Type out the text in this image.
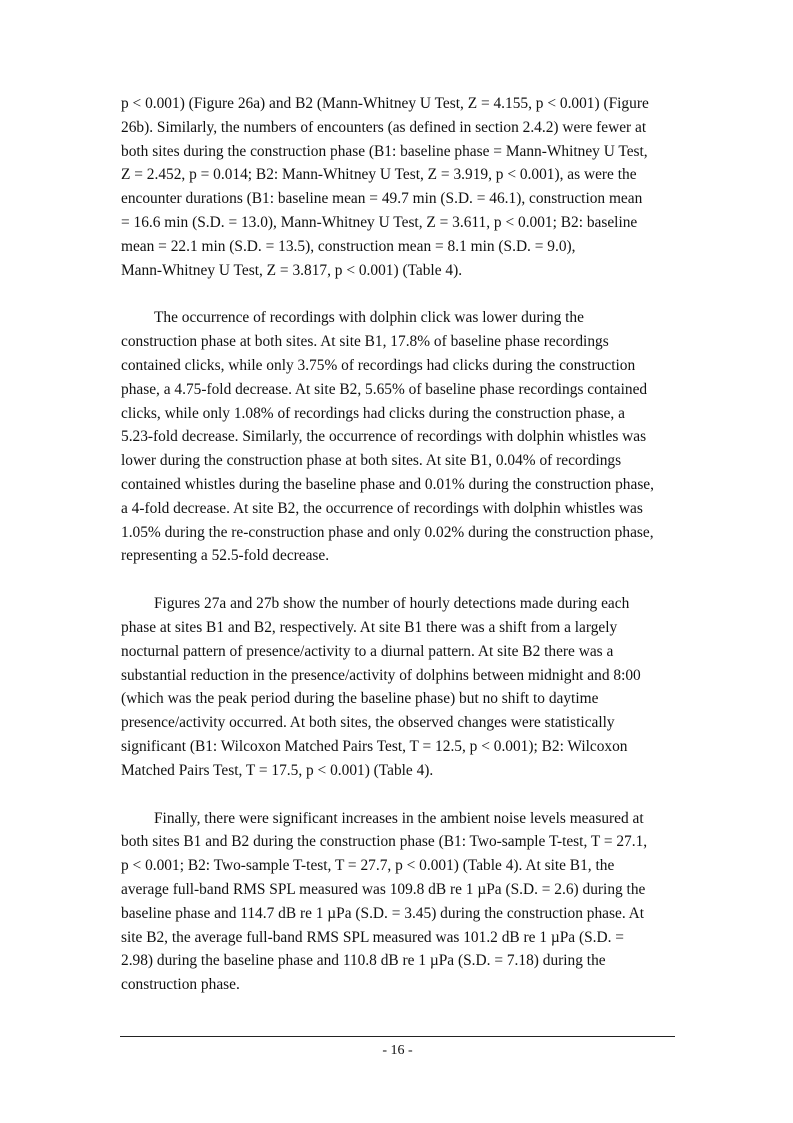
p < 0.001) (Figure 26a) and B2 (Mann-Whitney U Test, Z = 4.155, p < 0.001) (Figure
26b). Similarly, the numbers of encounters (as defined in section 2.4.2) were fewer at
both sites during the construction phase (B1: baseline phase = Mann-Whitney U Test,
Z = 2.452, p = 0.014; B2: Mann-Whitney U Test, Z = 3.919, p < 0.001), as were the
encounter durations (B1: baseline mean = 49.7 min (S.D. = 46.1), construction mean
= 16.6 min (S.D. = 13.0), Mann-Whitney U Test, Z = 3.611, p < 0.001; B2: baseline
mean = 22.1 min (S.D. = 13.5), construction mean = 8.1 min (S.D. = 9.0),
Mann-Whitney U Test, Z = 3.817, p < 0.001) (Table 4).

The occurrence of recordings with dolphin click was lower during the
construction phase at both sites. At site B1, 17.8% of baseline phase recordings
contained clicks, while only 3.75% of recordings had clicks during the construction
phase, a 4.75-fold decrease. At site B2, 5.65% of baseline phase recordings contained
clicks, while only 1.08% of recordings had clicks during the construction phase, a
5.23-fold decrease. Similarly, the occurrence of recordings with dolphin whistles was
lower during the construction phase at both sites. At site B1, 0.04% of recordings
contained whistles during the baseline phase and 0.01% during the construction phase,
a 4-fold decrease. At site B2, the occurrence of recordings with dolphin whistles was
1.05% during the re-construction phase and only 0.02% during the construction phase,
representing a 52.5-fold decrease.

Figures 27a and 27b show the number of hourly detections made during each
phase at sites B1 and B2, respectively. At site B1 there was a shift from a largely
nocturnal pattern of presence/activity to a diurnal pattern. At site B2 there was a
substantial reduction in the presence/activity of dolphins between midnight and 8:00
(which was the peak period during the baseline phase) but no shift to daytime
presence/activity occurred. At both sites, the observed changes were statistically
significant (B1: Wilcoxon Matched Pairs Test, T = 12.5, p < 0.001); B2: Wilcoxon
Matched Pairs Test, T = 17.5, p < 0.001) (Table 4).

Finally, there were significant increases in the ambient noise levels measured at
both sites B1 and B2 during the construction phase (B1: Two-sample T-test, T = 27.1,
p < 0.001; B2: Two-sample T-test, T = 27.7, p < 0.001) (Table 4). At site B1, the
average full-band RMS SPL measured was 109.8 dB re 1 µPa (S.D. = 2.6) during the
baseline phase and 114.7 dB re 1 µPa (S.D. = 3.45) during the construction phase. At
site B2, the average full-band RMS SPL measured was 101.2 dB re 1 µPa (S.D. =
2.98) during the baseline phase and 110.8 dB re 1 µPa (S.D. = 7.18) during the
construction phase.

- 16 -
